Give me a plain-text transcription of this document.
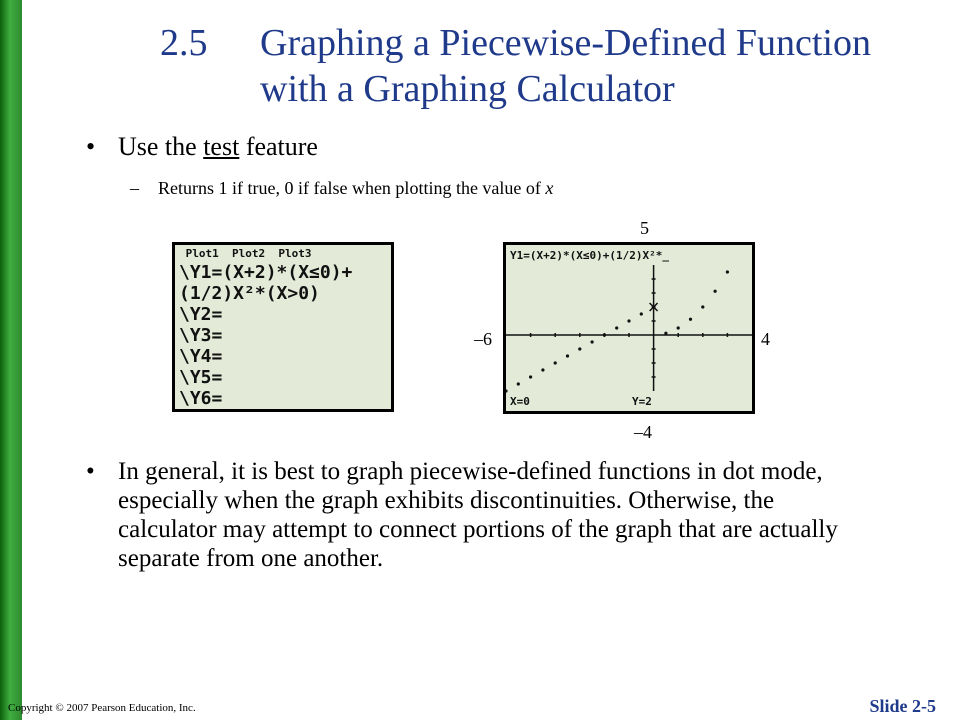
2.5 Graphing a Piecewise-Defined Function
with a Graphing Calculator
• Use the test feature
– Returns 1 if true, 0 if false when plotting the value of x
Plot1  Plot2  Plot3
\Y1=(X+2)*(X≤0)+
(1/2)X²*(X>0)
\Y2=
\Y3=
\Y4=
\Y5=
\Y6=
Y1=(X+2)*(X≤0)+(1/2)X²*_
X=0	Y=2
5
–4
–6	4
• In general, it is best to graph piecewise-defined functions in dot mode, especially when the graph exhibits discontinuities. Otherwise, the calculator may attempt to connect portions of the graph that are actually separate from one another.
Copyright © 2007 Pearson Education, Inc.	Slide 2-5
